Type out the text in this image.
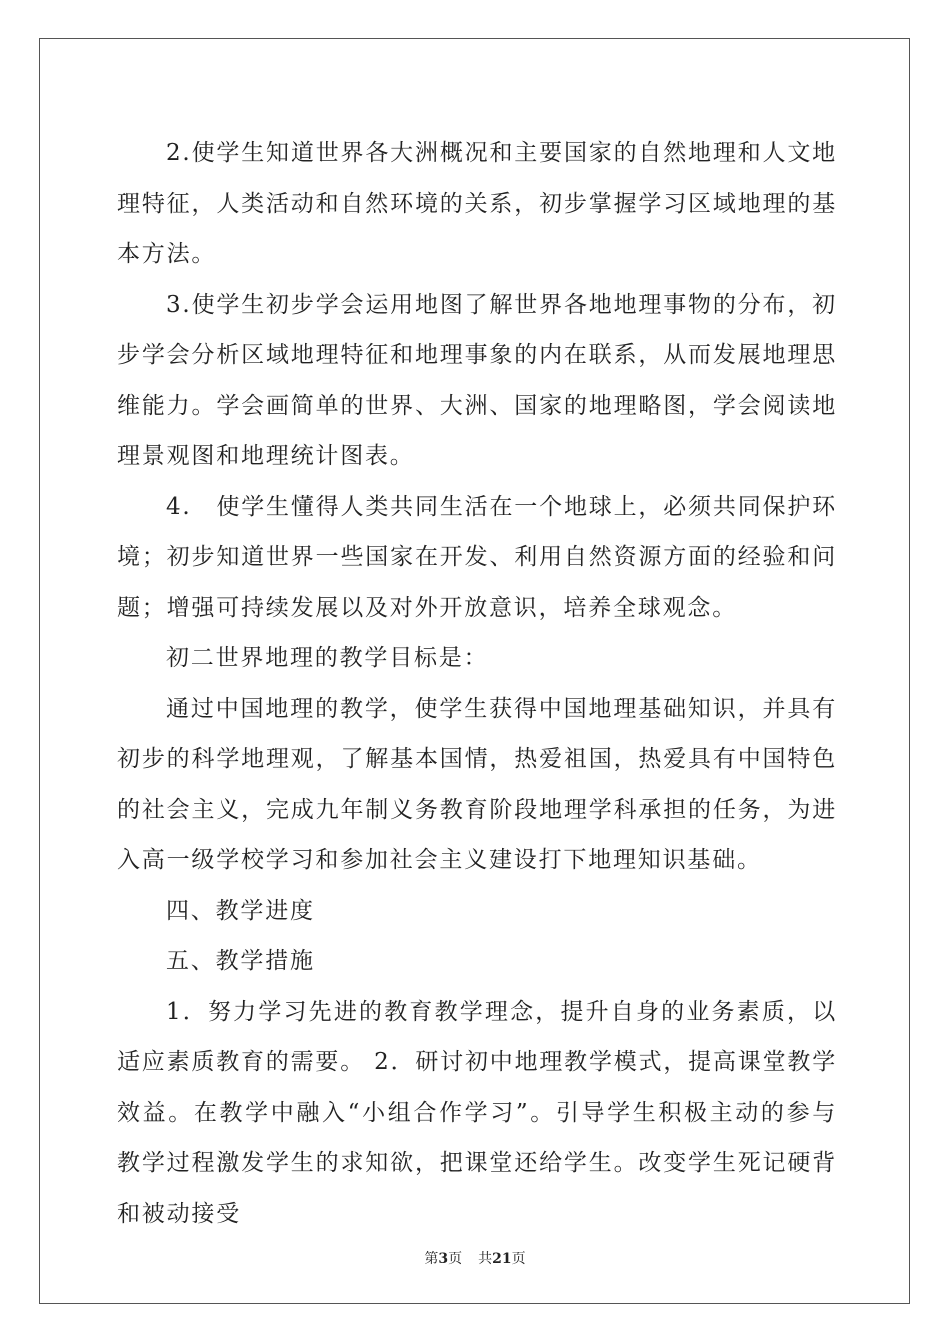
2.使学生知道世界各大洲概况和主要国家的自然地理和人文地理特征，人类活动和自然环境的关系，初步掌握学习区域地理的基本方法。

3.使学生初步学会运用地图了解世界各地地理事物的分布，初步学会分析区域地理特征和地理事象的内在联系，从而发展地理思维能力。学会画简单的世界、大洲、国家的地理略图，学会阅读地理景观图和地理统计图表。

4.　使学生懂得人类共同生活在一个地球上，必须共同保护环境；初步知道世界一些国家在开发、利用自然资源方面的经验和问题；增强可持续发展以及对外开放意识，培养全球观念。

初二世界地理的教学目标是：

通过中国地理的教学，使学生获得中国地理基础知识，并具有初步的科学地理观，了解基本国情，热爱祖国，热爱具有中国特色的社会主义，完成九年制义务教育阶段地理学科承担的任务，为进入高一级学校学习和参加社会主义建设打下地理知识基础。

四、教学进度

五、教学措施

1．努力学习先进的教育教学理念，提升自身的业务素质，以适应素质教育的需要。 2．研讨初中地理教学模式，提高课堂教学效益。在教学中融入“小组合作学习”。引导学生积极主动的参与教学过程激发学生的求知欲，把课堂还给学生。改变学生死记硬背和被动接受

第3页 共21页
